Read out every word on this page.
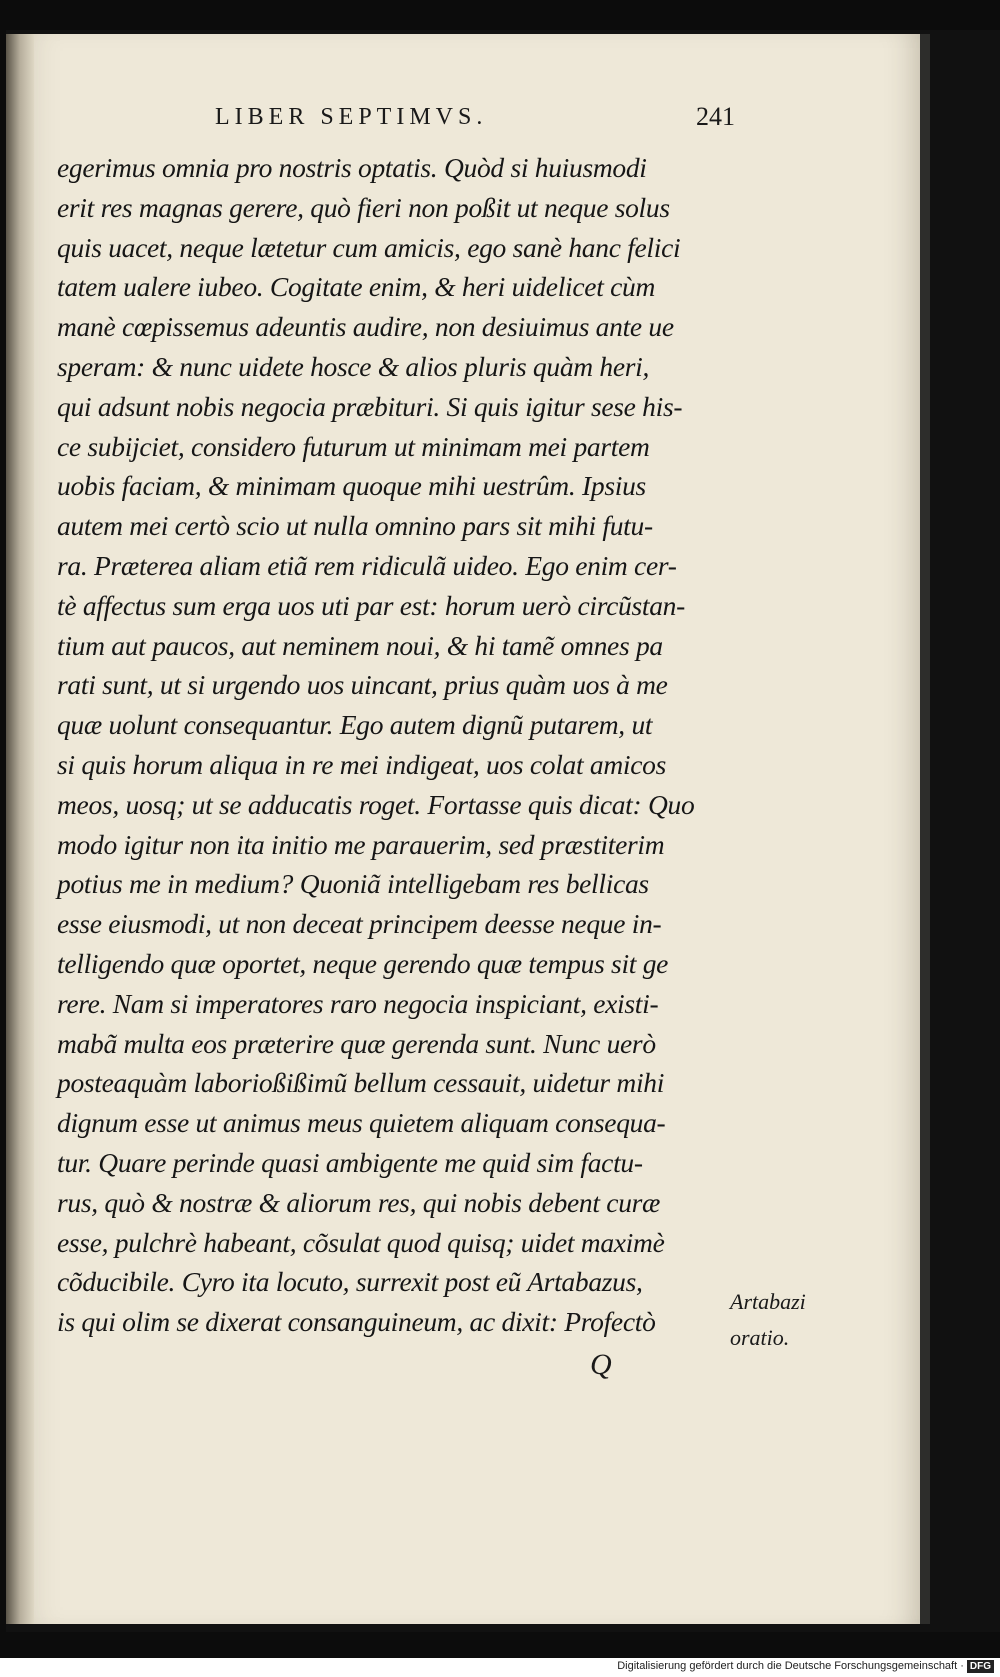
LIBER SEPTIMVS.	241
egerimus omnia pro nostris optatis. Quòd si huiusmodi
erit res magnas gerere, quò fieri non poßit ut neque solus
quis uacet, neque lætetur cum amicis, ego sanè hanc felici
tatem ualere iubeo. Cogitate enim, & heri uidelicet cùm
manè cœpissemus adeuntis audire, non desiuimus ante ue
speram: & nunc uidete hosce & alios pluris quàm heri,
qui adsunt nobis negocia præbituri. Si quis igitur sese his-
ce subijciet, considero futurum ut minimam mei partem
uobis faciam, & minimam quoque mihi uestrûm. Ipsius
autem mei certò scio ut nulla omnino pars sit mihi futu-
ra. Præterea aliam etiã rem ridiculã uideo. Ego enim cer-
tè affectus sum erga uos uti par est: horum uerò circũstan-
tium aut paucos, aut neminem noui, & hi tamẽ omnes pa
rati sunt, ut si urgendo uos uincant, prius quàm uos à me
quæ uolunt consequantur. Ego autem dignũ putarem, ut
si quis horum aliqua in re mei indigeat, uos colat amicos
meos, uosq; ut se adducatis roget. Fortasse quis dicat: Quo
modo igitur non ita initio me parauerim, sed præstiterim
potius me in medium? Quoniã intelligebam res bellicas
esse eiusmodi, ut non deceat principem deesse neque in-
telligendo quæ oportet, neque gerendo quæ tempus sit ge
rere. Nam si imperatores raro negocia inspiciant, existi-
mabã multa eos præterire quæ gerenda sunt. Nunc uerò
posteaquàm laborioßißimũ bellum cessauit, uidetur mihi
dignum esse ut animus meus quietem aliquam consequa-
tur. Quare perinde quasi ambigente me quid sim factu-
rus, quò & nostræ & aliorum res, qui nobis debent curæ
esse, pulchrè habeant, cõsulat quod quisq; uidet maximè
cõducibile. Cyro ita locuto, surrexit post eũ Artabazus,
is qui olim se dixerat consanguineum, ac dixit: Profectò
Artabazi
oratio.
Q
Digitalisierung gefördert durch die Deutsche Forschungsgemeinschaft · DFG
